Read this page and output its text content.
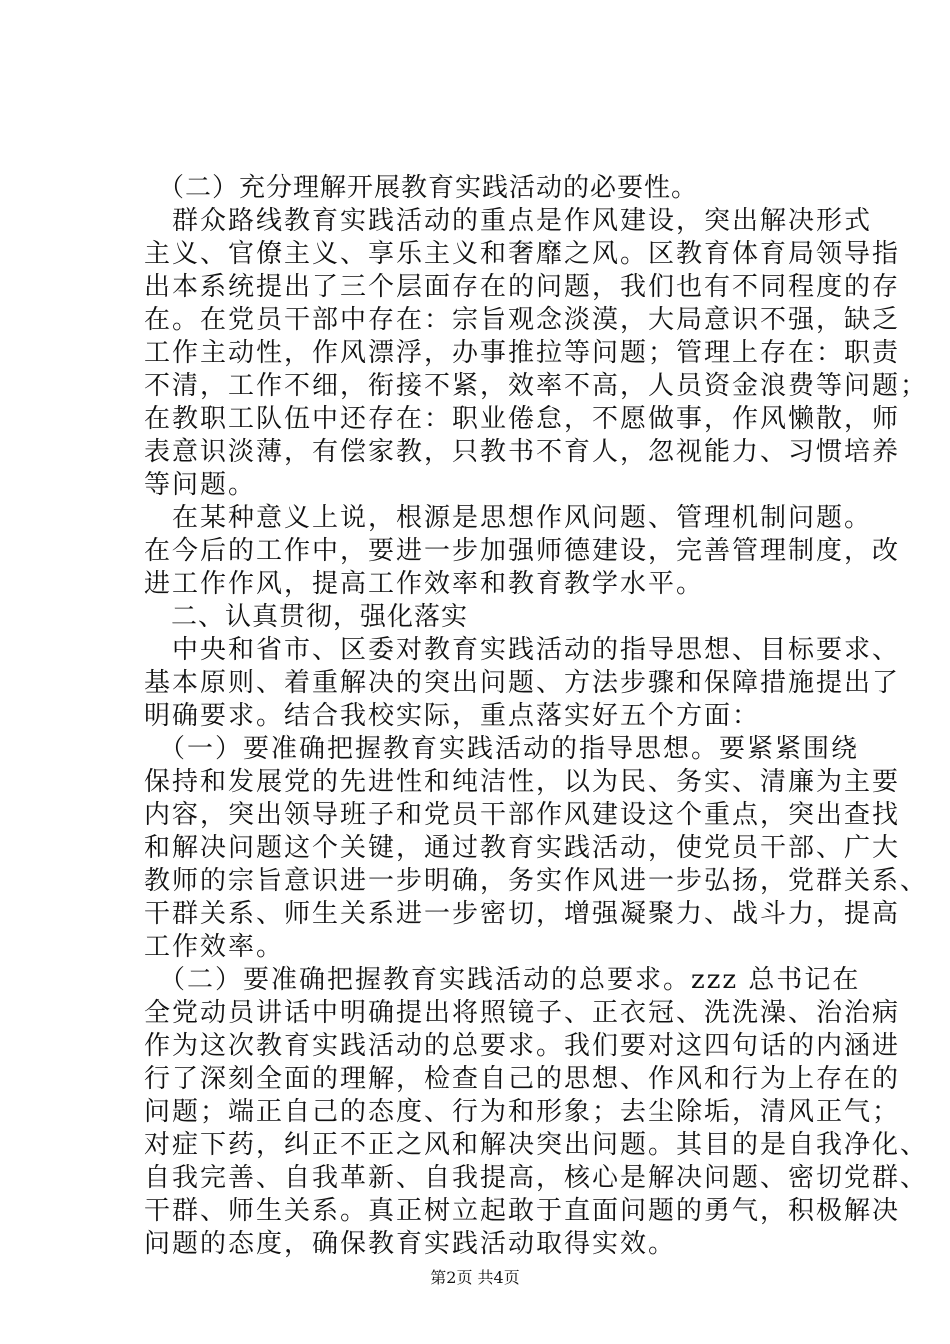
　（二）充分理解开展教育实践活动的必要性。
　群众路线教育实践活动的重点是作风建设，突出解决形式
主义、官僚主义、享乐主义和奢靡之风。区教育体育局领导指
出本系统提出了三个层面存在的问题，我们也有不同程度的存
在。在党员干部中存在：宗旨观念淡漠，大局意识不强，缺乏
工作主动性，作风漂浮，办事推拉等问题；管理上存在：职责
不清，工作不细，衔接不紧，效率不高，人员资金浪费等问题；
在教职工队伍中还存在：职业倦怠，不愿做事，作风懒散，师
表意识淡薄，有偿家教，只教书不育人，忽视能力、习惯培养
等问题。
　在某种意义上说，根源是思想作风问题、管理机制问题。
在今后的工作中，要进一步加强师德建设，完善管理制度，改
进工作作风，提高工作效率和教育教学水平。
　二、认真贯彻，强化落实
　中央和省市、区委对教育实践活动的指导思想、目标要求、
基本原则、着重解决的突出问题、方法步骤和保障措施提出了
明确要求。结合我校实际，重点落实好五个方面：
　（一）要准确把握教育实践活动的指导思想。要紧紧围绕
保持和发展党的先进性和纯洁性，以为民、务实、清廉为主要
内容，突出领导班子和党员干部作风建设这个重点，突出查找
和解决问题这个关键，通过教育实践活动，使党员干部、广大
教师的宗旨意识进一步明确，务实作风进一步弘扬，党群关系、
干群关系、师生关系进一步密切，增强凝聚力、战斗力，提高
工作效率。
　（二）要准确把握教育实践活动的总要求。zzz 总书记在
全党动员讲话中明确提出将照镜子、正衣冠、洗洗澡、治治病
作为这次教育实践活动的总要求。我们要对这四句话的内涵进
行了深刻全面的理解，检查自己的思想、作风和行为上存在的
问题；端正自己的态度、行为和形象；去尘除垢，清风正气；
对症下药，纠正不正之风和解决突出问题。其目的是自我净化、
自我完善、自我革新、自我提高，核心是解决问题、密切党群、
干群、师生关系。真正树立起敢于直面问题的勇气，积极解决
问题的态度，确保教育实践活动取得实效。
第2页 共4页
